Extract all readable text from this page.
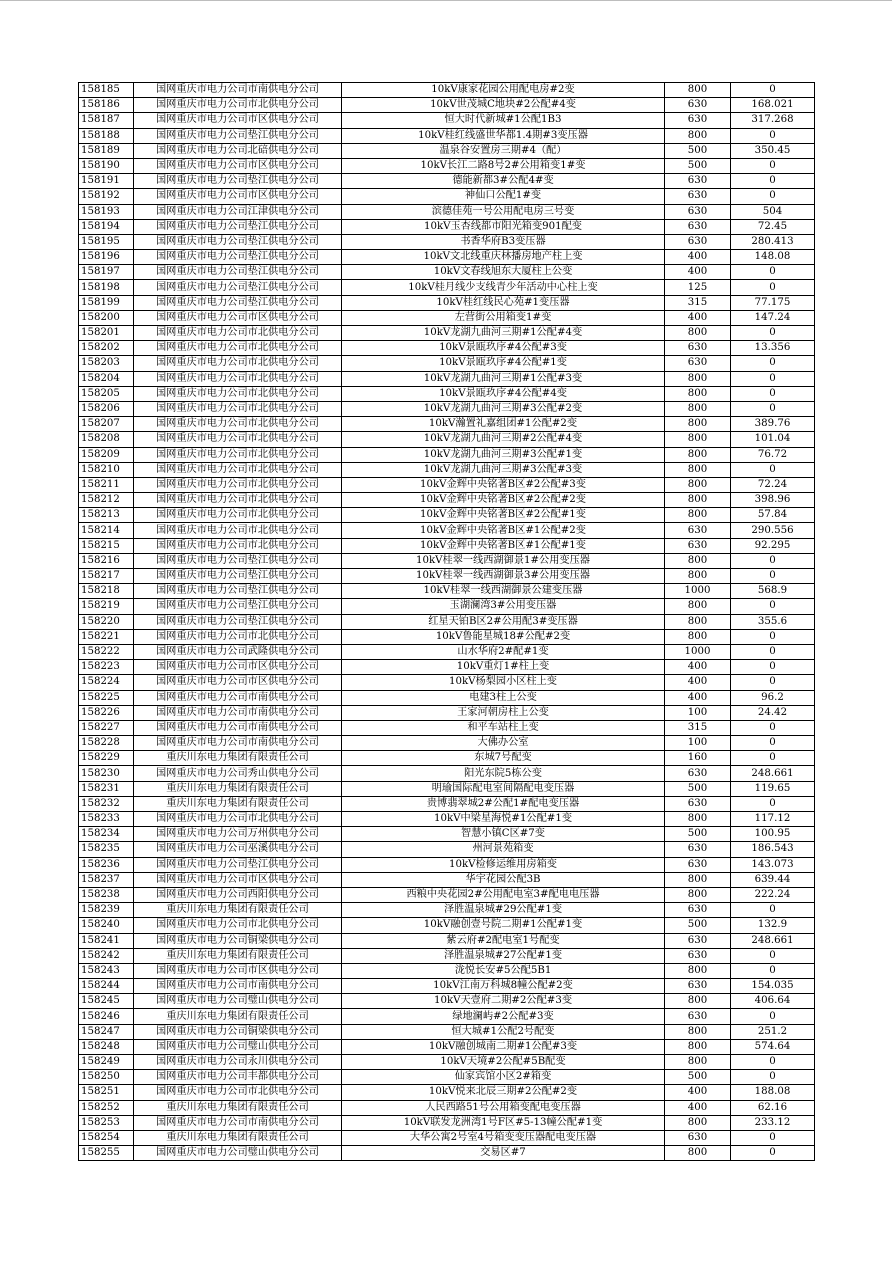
158185	国网重庆市电力公司市南供电分公司	10kV康家花园公用配电房#2变	800	0
158186	国网重庆市电力公司市北供电分公司	10kV世茂城C地块#2公配#4变	630	168.021
158187	国网重庆市电力公司市区供电分公司	恒大时代新城#1公配1B3	630	317.268
158188	国网重庆市电力公司垫江供电分公司	10kV桂红线盛世华都1.4期#3变压器	800	0
158189	国网重庆市电力公司北碚供电分公司	温泉谷安置房三期#4（配）	500	350.45
158190	国网重庆市电力公司市区供电分公司	10kV长江二路8号2#公用箱变1#变	500	0
158191	国网重庆市电力公司垫江供电分公司	德能新都3#公配4#变	630	0
158192	国网重庆市电力公司市区供电分公司	神仙口公配1#变	630	0
158193	国网重庆市电力公司江津供电分公司	滨德佳苑一号公用配电房三号变	630	504
158194	国网重庆市电力公司垫江供电分公司	10kV玉杏线都市阳光箱变901配变	630	72.45
158195	国网重庆市电力公司垫江供电分公司	书香华府B3变压器	630	280.413
158196	国网重庆市电力公司垫江供电分公司	10kV文北线重庆林播房地产柱上变	400	148.08
158197	国网重庆市电力公司垫江供电分公司	10kV文春线旭东大厦柱上公变	400	0
158198	国网重庆市电力公司垫江供电分公司	10kV桂月线少支线青少年活动中心柱上变	125	0
158199	国网重庆市电力公司垫江供电分公司	10kV桂红线民心苑#1变压器	315	77.175
158200	国网重庆市电力公司市区供电分公司	左营街公用箱变1#变	400	147.24
158201	国网重庆市电力公司市北供电分公司	10kV龙湖九曲河三期#1公配#4变	800	0
158202	国网重庆市电力公司市北供电分公司	10kV景瓯玖序#4公配#3变	630	13.356
158203	国网重庆市电力公司市北供电分公司	10kV景瓯玖序#4公配#1变	630	0
158204	国网重庆市电力公司市北供电分公司	10kV龙湖九曲河三期#1公配#3变	800	0
158205	国网重庆市电力公司市北供电分公司	10kV景瓯玖序#4公配#4变	800	0
158206	国网重庆市电力公司市北供电分公司	10kV龙湖九曲河三期#3公配#2变	800	0
158207	国网重庆市电力公司市北供电分公司	10kV瀚置礼嘉组团#1公配#2变	800	389.76
158208	国网重庆市电力公司市北供电分公司	10kV龙湖九曲河三期#2公配#4变	800	101.04
158209	国网重庆市电力公司市北供电分公司	10kV龙湖九曲河三期#3公配#1变	800	76.72
158210	国网重庆市电力公司市北供电分公司	10kV龙湖九曲河三期#3公配#3变	800	0
158211	国网重庆市电力公司市北供电分公司	10kV金辉中央铭著B区#2公配#3变	800	72.24
158212	国网重庆市电力公司市北供电分公司	10kV金辉中央铭著B区#2公配#2变	800	398.96
158213	国网重庆市电力公司市北供电分公司	10kV金辉中央铭著B区#2公配#1变	800	57.84
158214	国网重庆市电力公司市北供电分公司	10kV金辉中央铭著B区#1公配#2变	630	290.556
158215	国网重庆市电力公司市北供电分公司	10kV金辉中央铭著B区#1公配#1变	630	92.295
158216	国网重庆市电力公司垫江供电分公司	10kV桂翠一线西湖御景1#公用变压器	800	0
158217	国网重庆市电力公司垫江供电分公司	10kV桂翠一线西湖御景3#公用变压器	800	0
158218	国网重庆市电力公司垫江供电分公司	10kV桂翠一线西湖御景公建变压器	1000	568.9
158219	国网重庆市电力公司垫江供电分公司	玉湖澜湾3#公用变压器	800	0
158220	国网重庆市电力公司垫江供电分公司	红星天铂B区2#公用配3#变压器	800	355.6
158221	国网重庆市电力公司市北供电分公司	10kV鲁能星城18#公配#2变	800	0
158222	国网重庆市电力公司武隆供电分公司	山水华府2#配#1变	1000	0
158223	国网重庆市电力公司市区供电分公司	10kV重灯1#柱上变	400	0
158224	国网重庆市电力公司市区供电分公司	10kV杨梨园小区柱上变	400	0
158225	国网重庆市电力公司市南供电分公司	电建3柱上公变	400	96.2
158226	国网重庆市电力公司市南供电分公司	王家河朝房柱上公变	100	24.42
158227	国网重庆市电力公司市南供电分公司	和平车站柱上变	315	0
158228	国网重庆市电力公司市南供电分公司	大佛办公室	100	0
158229	重庆川东电力集团有限责任公司	东城7号配变	160	0
158230	国网重庆市电力公司秀山供电分公司	阳光东院5栋公变	630	248.661
158231	重庆川东电力集团有限责任公司	明瑜国际配电室间隔配电变压器	500	119.65
158232	重庆川东电力集团有限责任公司	贵博翡翠城2#公配1#配电变压器	630	0
158233	国网重庆市电力公司市北供电分公司	10kV中梁星海悦#1公配#1变	800	117.12
158234	国网重庆市电力公司万州供电分公司	智慧小镇C区#7变	500	100.95
158235	国网重庆市电力公司巫溪供电分公司	州河景苑箱变	630	186.543
158236	国网重庆市电力公司垫江供电分公司	10kV检修运维用房箱变	630	143.073
158237	国网重庆市电力公司市区供电分公司	华宇花园公配3B	800	639.44
158238	国网重庆市电力公司西阳供电分公司	西粮中央花园2#公用配电室3#配电电压器	800	222.24
158239	重庆川东电力集团有限责任公司	泽胜温泉城#29公配#1变	630	0
158240	国网重庆市电力公司市北供电分公司	10kV融创壹号院二期#1公配#1变	500	132.9
158241	国网重庆市电力公司铜梁供电分公司	紫云府#2配电室1号配变	630	248.661
158242	重庆川东电力集团有限责任公司	泽胜温泉城#27公配#1变	630	0
158243	国网重庆市电力公司市区供电分公司	泷悦长安#5公配5B1	800	0
158244	国网重庆市电力公司市南供电分公司	10kV江南万科城8幢公配#2变	630	154.035
158245	国网重庆市电力公司璧山供电分公司	10kV天壹府二期#2公配#3变	800	406.64
158246	重庆川东电力集团有限责任公司	绿地澜屿#2公配#3变	630	0
158247	国网重庆市电力公司铜梁供电分公司	恒大城#1公配2号配变	800	251.2
158248	国网重庆市电力公司璧山供电分公司	10kV融创城南二期#1公配#3变	800	574.64
158249	国网重庆市电力公司永川供电分公司	10kV天境#2公配#5B配变	800	0
158250	国网重庆市电力公司丰都供电分公司	仙家宾馆小区2#箱变	500	0
158251	国网重庆市电力公司市北供电分公司	10kV悦来北辰三期#2公配#2变	400	188.08
158252	重庆川东电力集团有限责任公司	人民西路51号公用箱变配电变压器	400	62.16
158253	国网重庆市电力公司市南供电分公司	10kV联发龙洲湾1号F区#5-13幢公配#1变	800	233.12
158254	重庆川东电力集团有限责任公司	大华公寓2号室4号箱变变压器配电变压器	630	0
158255	国网重庆市电力公司璧山供电分公司	交易区#7	800	0
